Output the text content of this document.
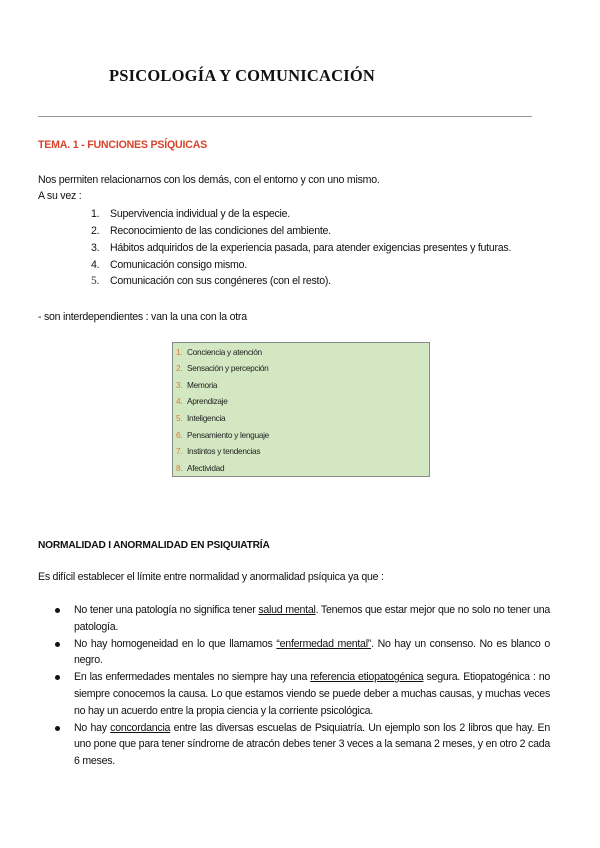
PSICOLOGÍA Y COMUNICACIÓN
TEMA. 1 - FUNCIONES PSÍQUICAS
Nos permiten relacionarnos con los demás, con el entorno y con uno mismo.
A su vez :
1. Supervivencia individual y de la especie.
2. Reconocimiento de las condiciones del ambiente.
3. Hábitos adquiridos de la experiencia pasada, para atender exigencias presentes y futuras.
4. Comunicación consigo mismo.
5. Comunicación con sus congéneres (con el resto).
- son interdependientes : van la una con la otra
1. Conciencia y atención
2. Sensación y percepción
3. Memoria
4. Aprendizaje
5. Inteligencia
6. Pensamiento y lenguaje
7. Instintos y tendencias
8. Afectividad
NORMALIDAD I ANORMALIDAD EN PSIQUIATRÍA
Es difícil establecer el límite entre normalidad y anormalidad psíquica ya que :
No tener una patología no significa tener salud mental. Tenemos que estar mejor que no solo no tener una patología.
No hay homogeneidad en lo que llamamos “enfermedad mental”. No hay un consenso. No es blanco o negro.
En las enfermedades mentales no siempre hay una referencia etiopatogénica segura. Etiopatogénica : no siempre conocemos la causa. Lo que estamos viendo se puede deber a muchas causas, y muchas veces no hay un acuerdo entre la propia ciencia y la corriente psicológica.
No hay concordancia entre las diversas escuelas de Psiquiatría. Un ejemplo son los 2 libros que hay. En uno pone que para tener síndrome de atracón debes tener 3 veces a la semana 2 meses, y en otro 2 cada 6 meses.
